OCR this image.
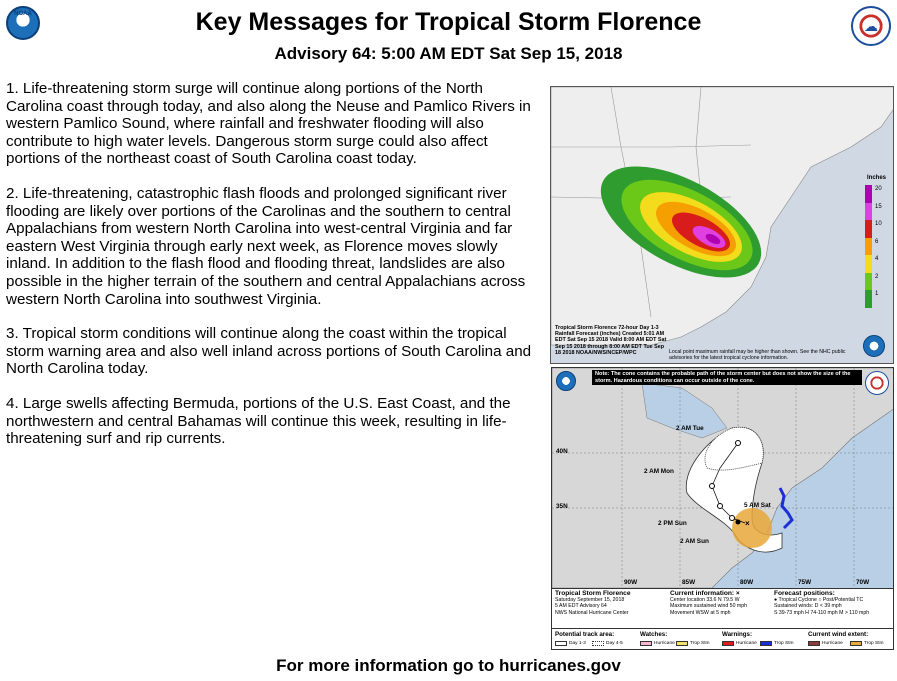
NOAA
☁
Key Messages for Tropical Storm Florence
Advisory 64: 5:00 AM EDT Sat Sep 15, 2018

1. Life-threatening storm surge will continue along portions of the North Carolina coast through today, and also along the Neuse and Pamlico Rivers in western Pamlico Sound, where rainfall and freshwater flooding will also contribute to high water levels. Dangerous storm surge could also affect portions of the northeast coast of South Carolina coast today.

2. Life-threatening, catastrophic flash floods and prolonged significant river flooding are likely over portions of the Carolinas and the southern to central Appalachians from western North Carolina into west-central Virginia and far eastern West Virginia through early next week, as Florence moves slowly inland. In addition to the flash flood and flooding threat, landslides are also possible in the higher terrain of the southern and central Appalachians across western North Carolina into southwest Virginia.

3. Tropical storm conditions will continue along the coast within the tropical storm warning area and also well inland across portions of South Carolina and North Carolina today.

4. Large swells affecting Bermuda, portions of the U.S. East Coast, and the northwestern and central Bahamas will continue this week, resulting in life-threatening surf and rip currents.

Inches
20
15
10
6
4
2
1
Tropical Storm Florence 72-hour Day 1-3 Rainfall Forecast (inches) Created 5:01 AM EDT Sat Sep 15 2018 Valid 8:00 AM EDT Sat Sep 15 2018 through 8:00 AM EDT Tue Sep 18 2018 NOAA/NWS/NCEP/WPC	Local point maximum rainfall may be higher than shown. See the NHC public advisories for the latest tropical cyclone information.
×
Note: The cone contains the probable path of the storm center but does not show the size of the storm. Hazardous conditions can occur outside of the cone.
2 AM Tue
2 AM Mon
2 PM Sun
2 AM Sun
5 AM Sat
40N
35N
90W	85W	80W	75W	70W
Tropical Storm Florence
Saturday September 15, 2018
5 AM EDT Advisory 64
NWS National Hurricane Center
Current information: ×
Center location 33.6 N 79.5 W
Maximum sustained wind 50 mph
Movement WSW at 5 mph
Forecast positions:
● Tropical Cyclone ○ Post/Potential TC
Sustained winds: D < 39 mph
S 39-73 mph H 74-110 mph M > 110 mph
Potential track area:
Day 1-3	Day 4-5
Watches:
Hurricane	Trop Stm
Warnings:
Hurricane	Trop Stm
Current wind extent:
Hurricane	Trop Stm
For more information go to hurricanes.gov
